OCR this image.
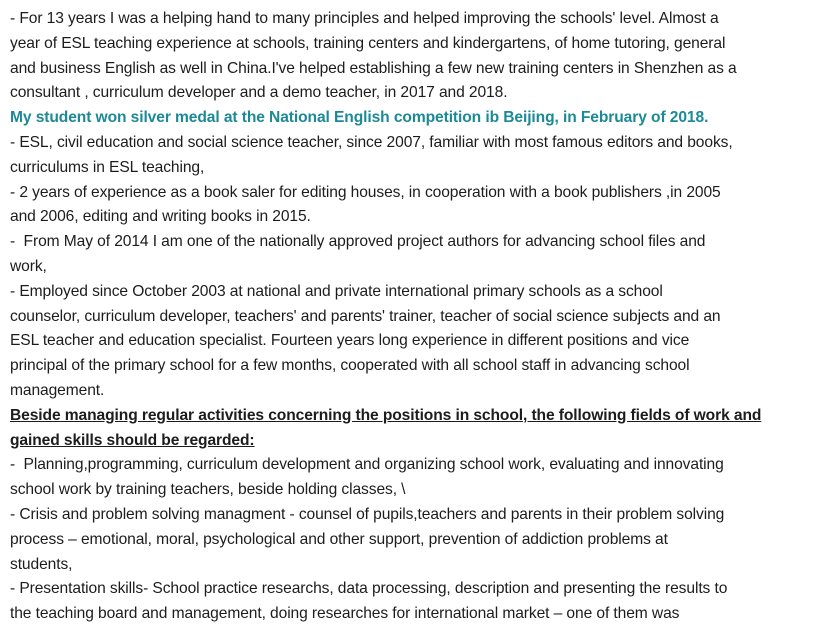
- For 13 years I was a helping hand to many principles and helped improving the schools' level. Almost a
year of ESL teaching experience at schools, training centers and kindergartens, of home tutoring, general
and business English as well in China.I've helped establishing a few new training centers in Shenzhen as a
consultant , curriculum developer and a demo teacher, in 2017 and 2018.
My student won silver medal at the National English competition ib Beijing, in February of 2018.
- ESL, civil education and social science teacher, since 2007, familiar with most famous editors and books,
curriculums in ESL teaching,
- 2 years of experience as a book saler for editing houses, in cooperation with a book publishers ,in 2005
and 2006, editing and writing books in 2015.
-  From May of 2014 I am one of the nationally approved project authors for advancing school files and
work,
- Employed since October 2003 at national and private international primary schools as a school
counselor, curriculum developer, teachers' and parents' trainer, teacher of social science subjects and an
ESL teacher and education specialist. Fourteen years long experience in different positions and vice
principal of the primary school for a few months, cooperated with all school staff in advancing school
management.
Beside managing regular activities concerning the positions in school, the following fields of work and
gained skills should be regarded:
-  Planning,programming, curriculum development and organizing school work, evaluating and innovating
school work by training teachers, beside holding classes, \
- Crisis and problem solving managment - counsel of pupils,teachers and parents in their problem solving
process – emotional, moral, psychological and other support, prevention of addiction problems at
students,
- Presentation skills- School practice researchs, data processing, description and presenting the results to
the teaching board and management, doing researches for international market – one of them was
